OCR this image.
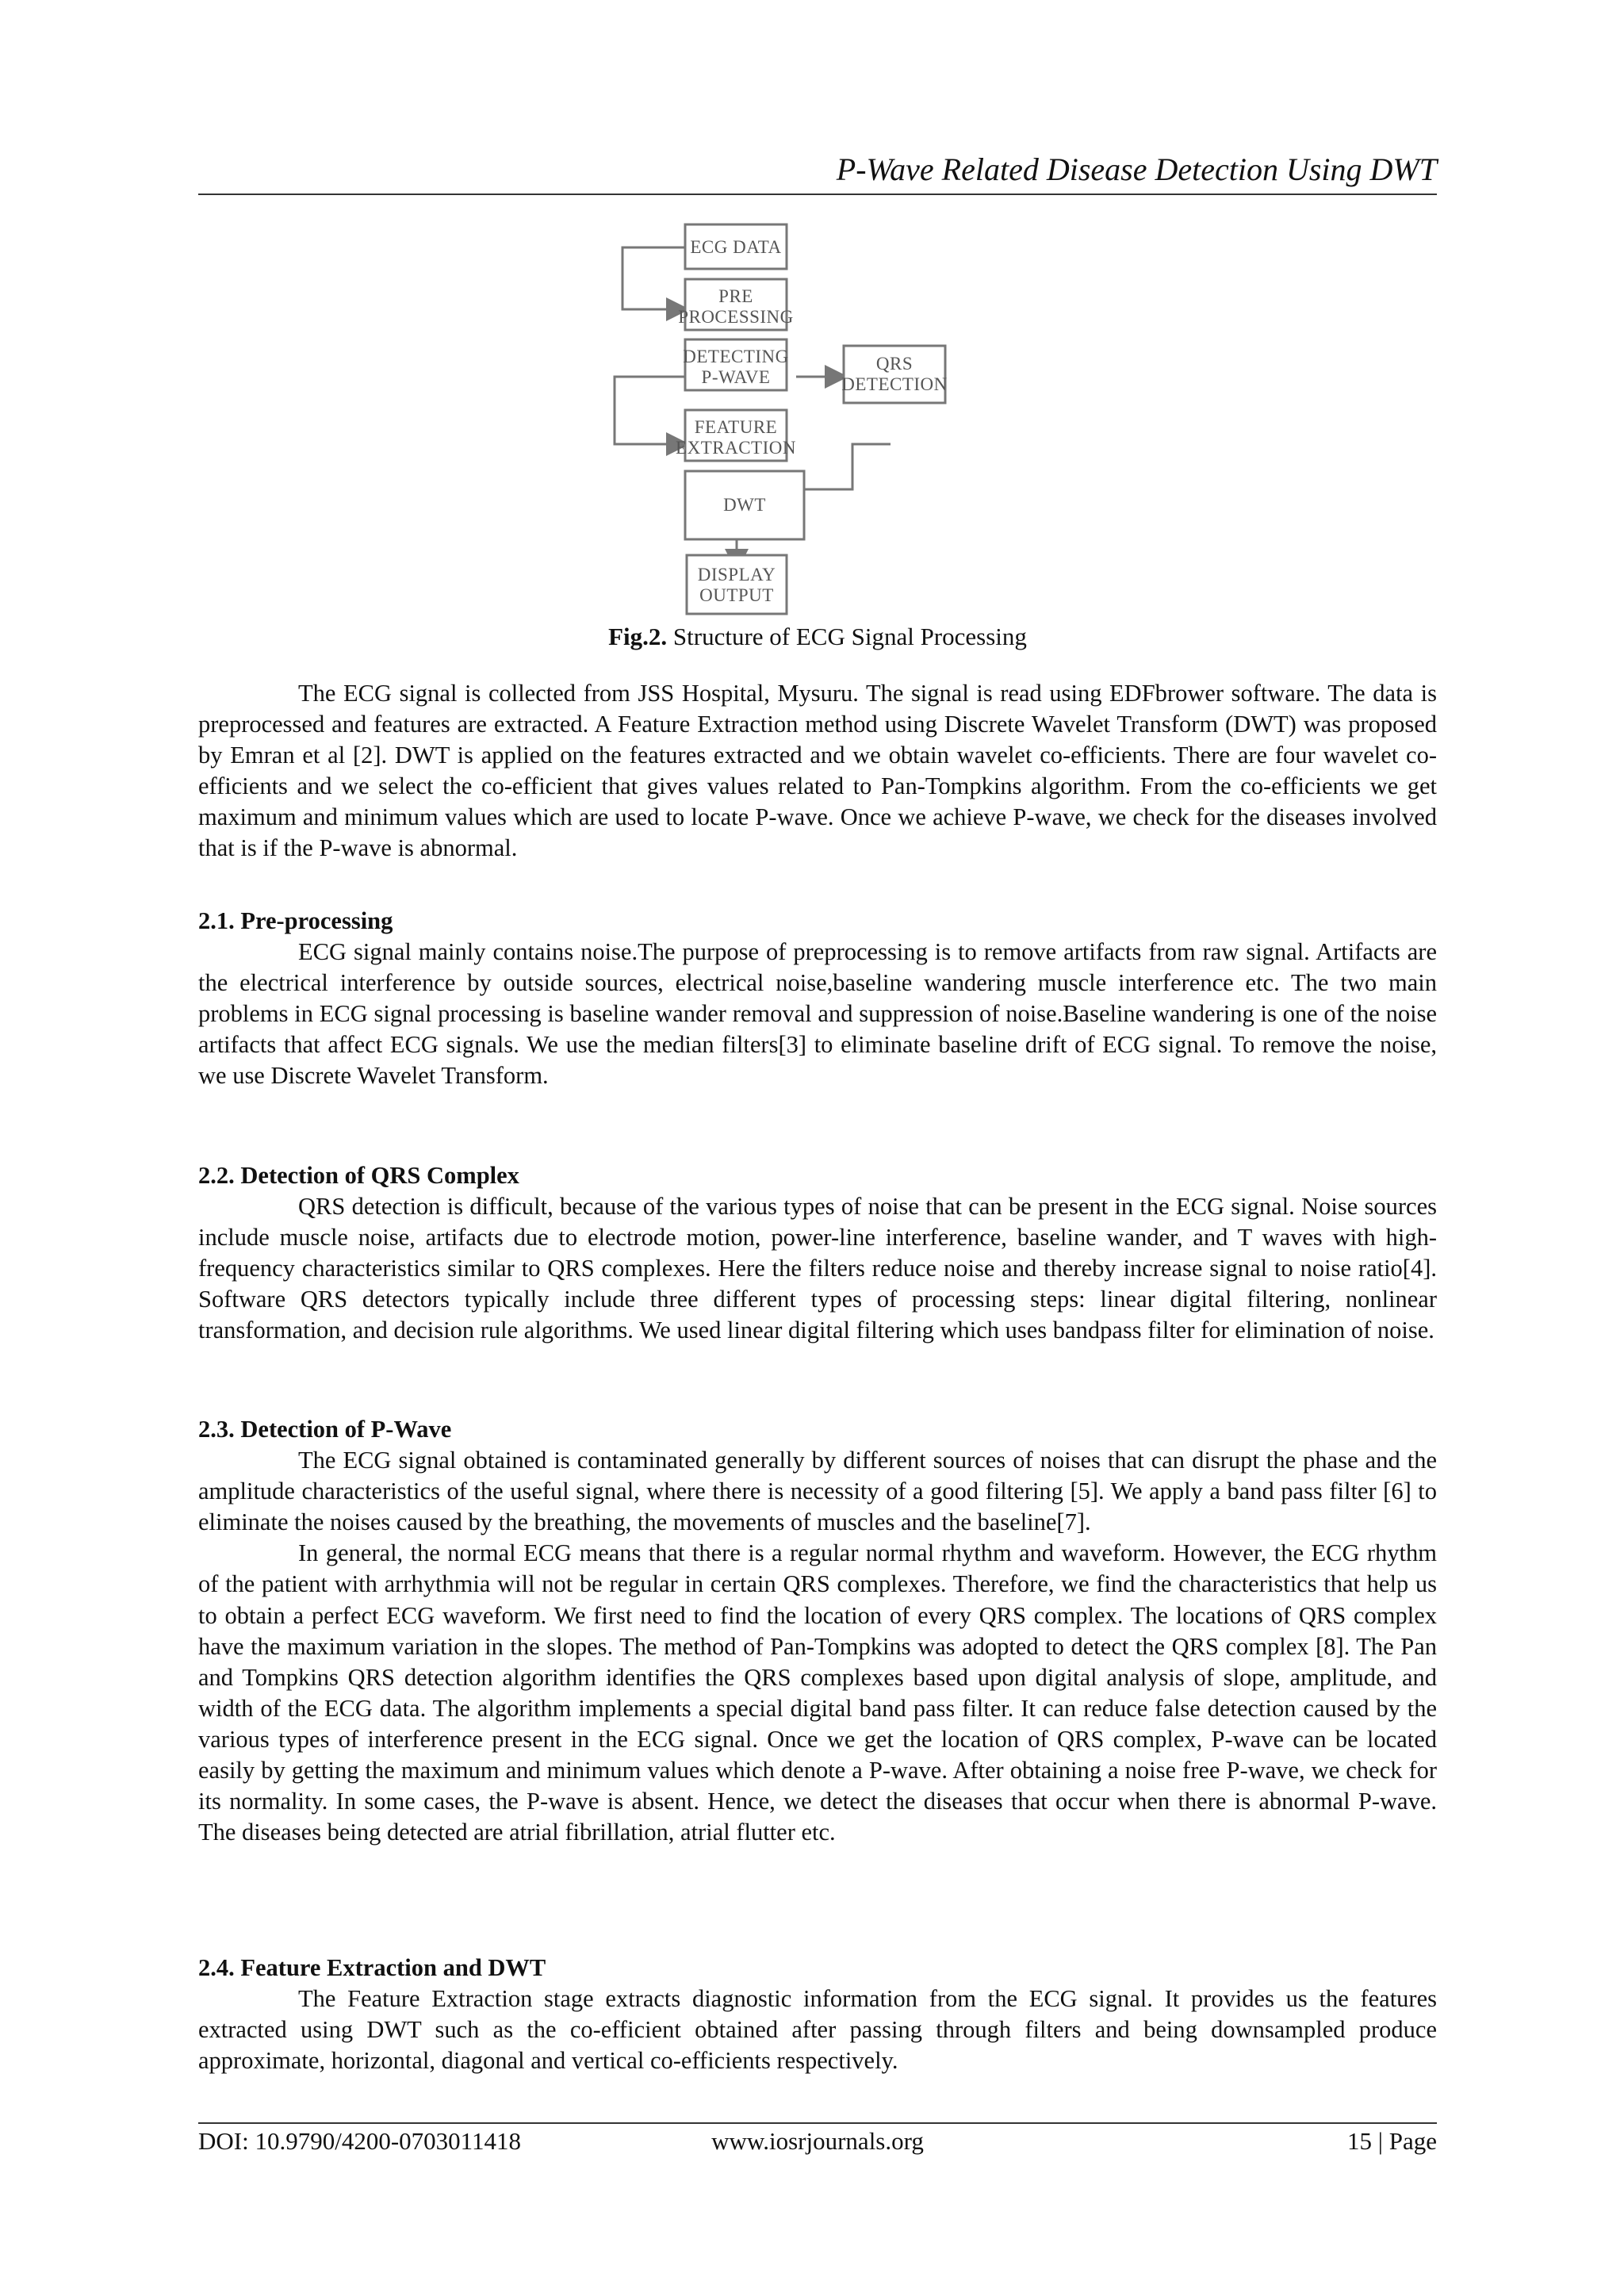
P-Wave Related Disease Detection Using DWT
ECG DATA
PRE
PROCESSING
DETECTING
P-WAVE
QRS
DETECTION
FEATURE
EXTRACTION
DWT
DISPLAY
OUTPUT
Fig.2. Structure of ECG Signal Processing

The ECG signal is collected from JSS Hospital, Mysuru. The signal is read using EDFbrower software. The data is preprocessed and features are extracted. A Feature Extraction method using Discrete Wavelet Transform (DWT) was proposed by Emran et al [2]. DWT is applied on the features extracted and we obtain wavelet co-efficients. There are four wavelet co-efficients and we select the co-efficient that gives values related to Pan-Tompkins algorithm. From the co-efficients we get maximum and minimum values which are used to locate P-wave. Once we achieve P-wave, we check for the diseases involved that is if the P-wave is abnormal.

2.1. Pre-processing

ECG signal mainly contains noise.The purpose of preprocessing is to remove artifacts from raw signal. Artifacts are the electrical interference by outside sources, electrical noise,baseline wandering muscle interference etc. The two main problems in ECG signal processing is baseline wander removal and suppression of noise.Baseline wandering is one of the noise artifacts that affect ECG signals. We use the median filters[3] to eliminate baseline drift of ECG signal. To remove the noise, we use Discrete Wavelet Transform.

2.2. Detection of QRS Complex

QRS detection is difficult, because of the various types of noise that can be present in the ECG signal. Noise sources include muscle noise, artifacts due to electrode motion, power-line interference, baseline wander, and T waves with high-frequency characteristics similar to QRS complexes. Here the filters reduce noise and thereby increase signal to noise ratio[4]. Software QRS detectors typically include three different types of processing steps: linear digital filtering, nonlinear transformation, and decision rule algorithms. We used linear digital filtering which uses bandpass filter for elimination of noise.

2.3. Detection of P-Wave

The ECG signal obtained is contaminated generally by different sources of noises that can disrupt the phase and the amplitude characteristics of the useful signal, where there is necessity of a good filtering [5]. We apply a band pass filter [6] to eliminate the noises caused by the breathing, the movements of muscles and the baseline[7].

In general, the normal ECG means that there is a regular normal rhythm and waveform. However, the ECG rhythm of the patient with arrhythmia will not be regular in certain QRS complexes. Therefore, we find the characteristics that help us to obtain a perfect ECG waveform. We first need to find the location of every QRS complex. The locations of QRS complex have the maximum variation in the slopes. The method of Pan-Tompkins was adopted to detect the QRS complex [8]. The Pan and Tompkins QRS detection algorithm identifies the QRS complexes based upon digital analysis of slope, amplitude, and width of the ECG data. The algorithm implements a special digital band pass filter. It can reduce false detection caused by the various types of interference present in the ECG signal. Once we get the location of QRS complex, P-wave can be located easily by getting the maximum and minimum values which denote a P-wave. After obtaining a noise free P-wave, we check for its normality. In some cases, the P-wave is absent. Hence, we detect the diseases that occur when there is abnormal P-wave. The diseases being detected are atrial fibrillation, atrial flutter etc.

2.4. Feature Extraction and DWT

The Feature Extraction stage extracts diagnostic information from the ECG signal. It provides us the features extracted using DWT such as the co-efficient obtained after passing through filters and being downsampled produce approximate, horizontal, diagonal and vertical co-efficients respectively.

DOI: 10.9790/4200-0703011418	www.iosrjournals.org	15 | Page
